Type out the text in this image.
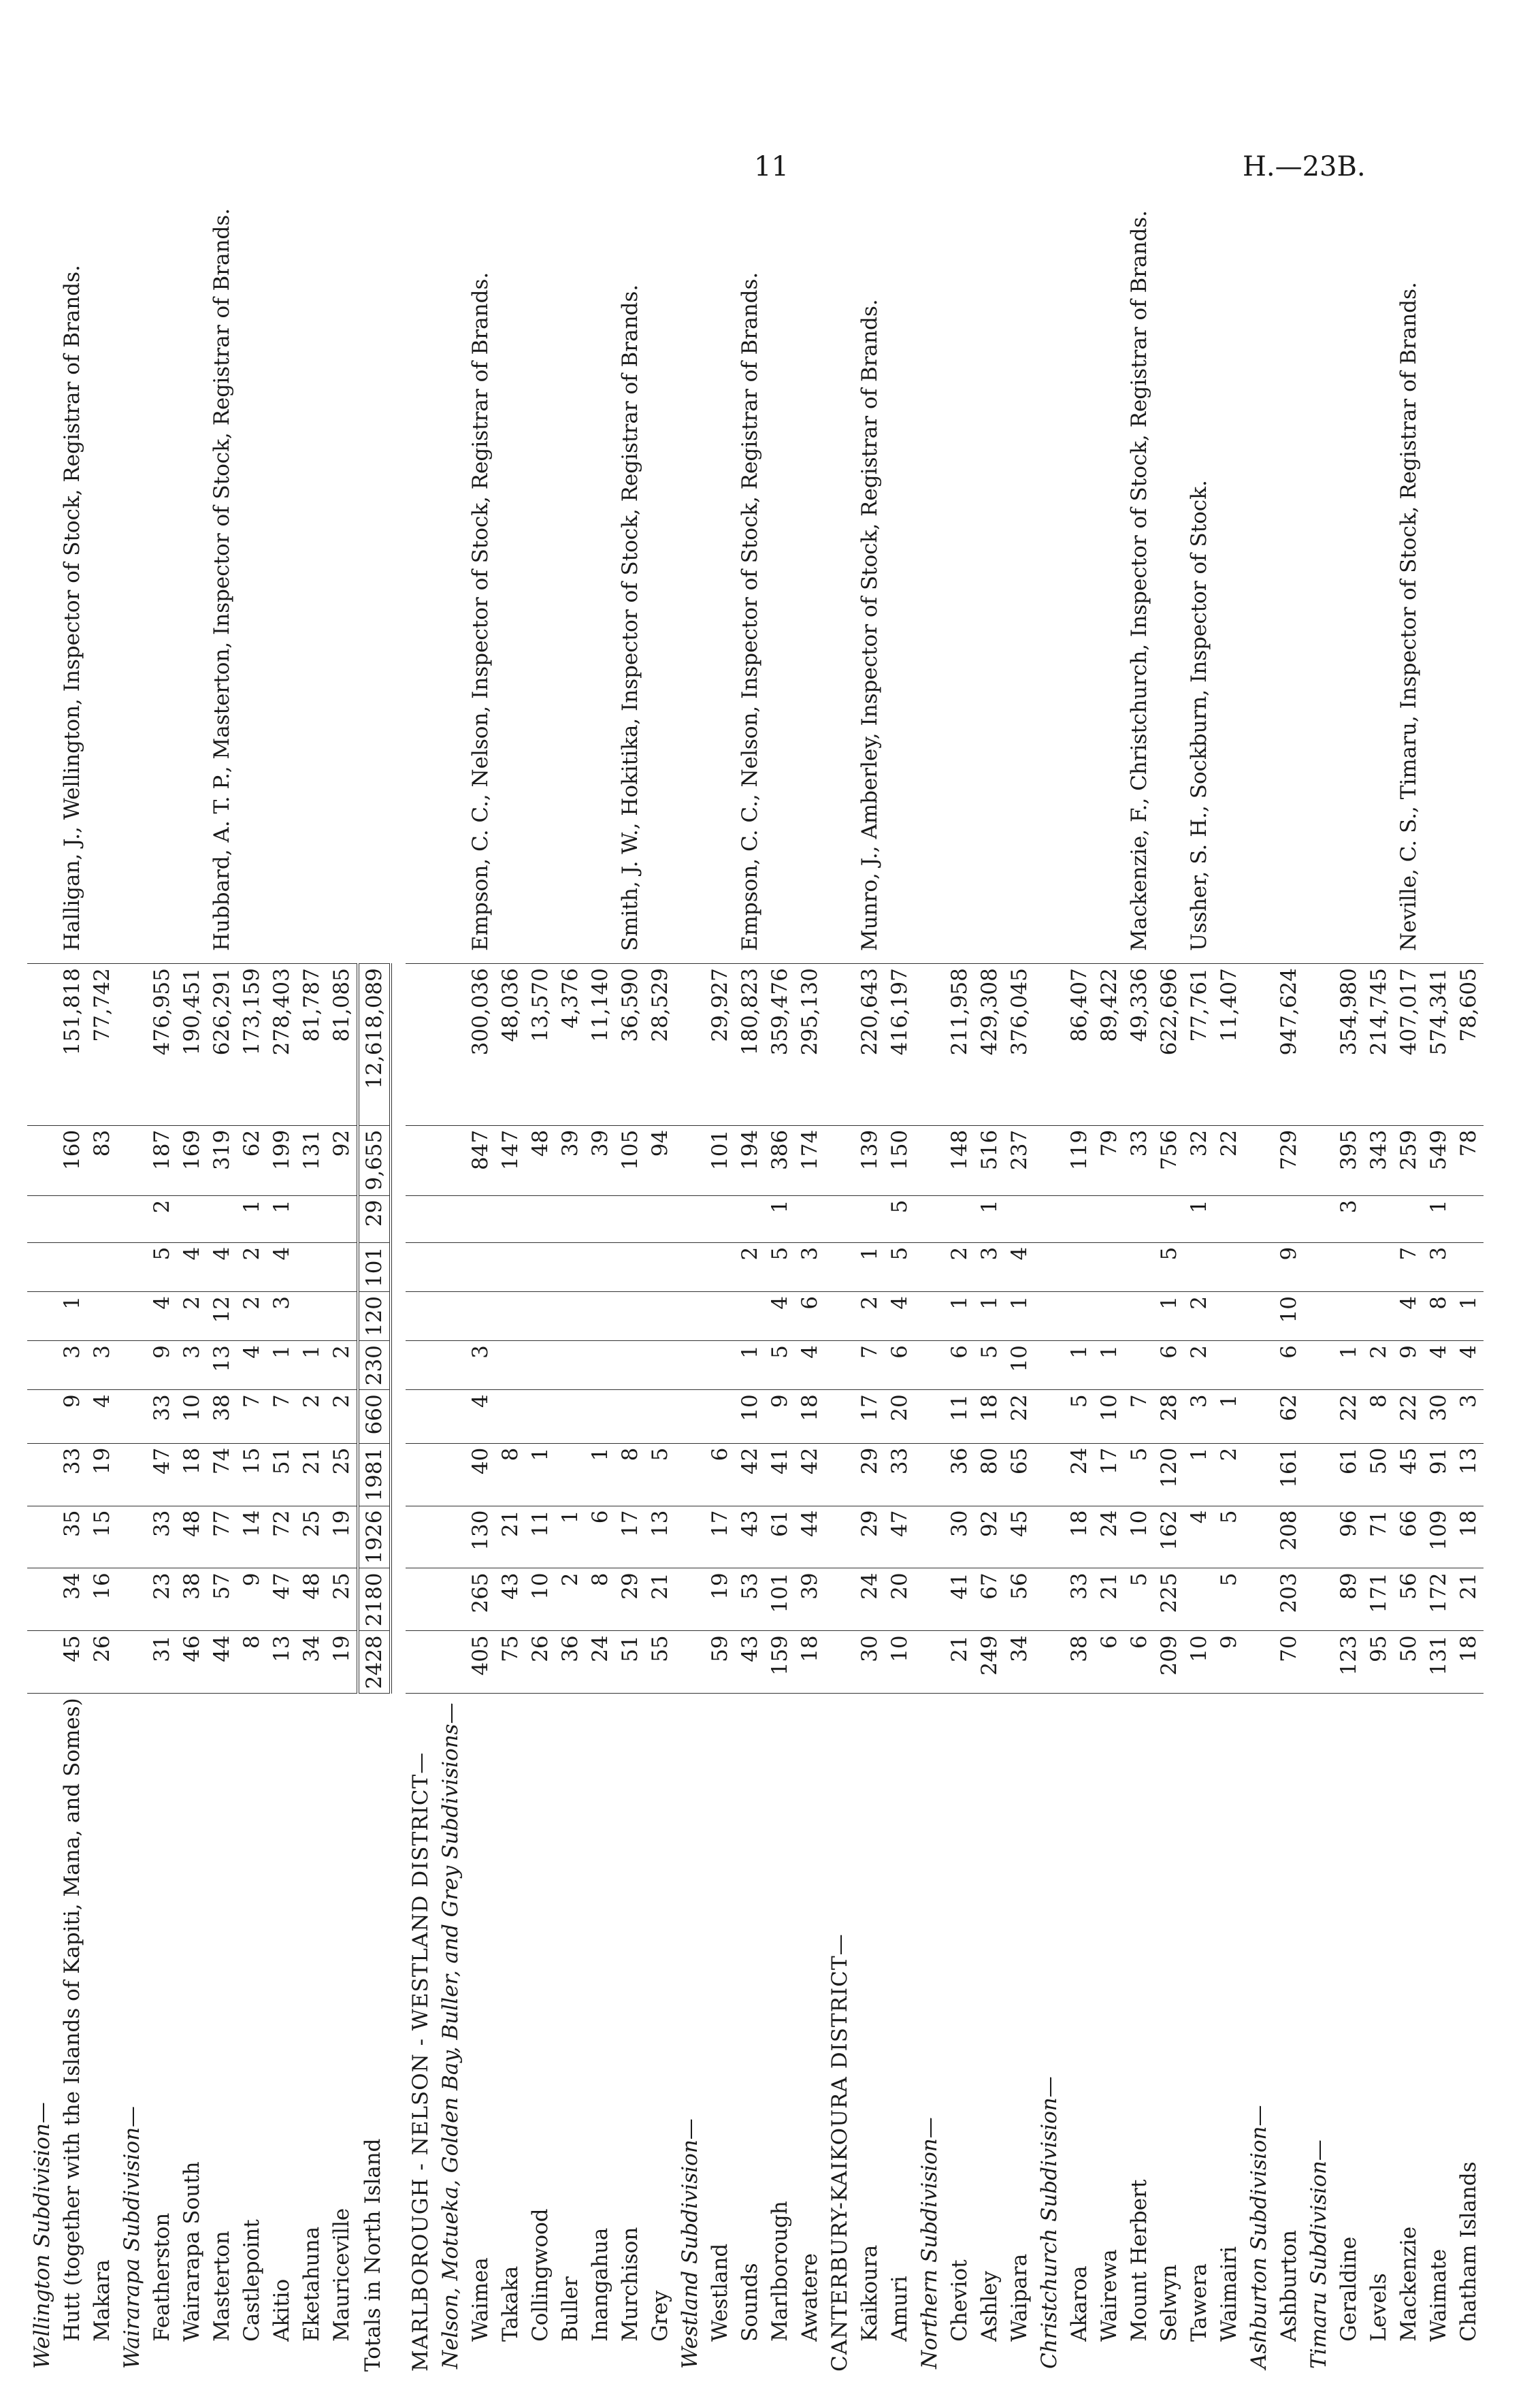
11	H.—23B.
Wellington Subdivision—												
Hutt (together with the Islands of Kapiti, Mana, and Somes)	45	34	35	33	9	3	1			160	151,818	Halligan, J., Wellington, Inspector of Stock, Registrar of Brands.
Makara	26	16	15	19	4	3				83	77,742	
Wairarapa Subdivision—												
Featherston	31	23	33	47	33	9	4	5	2	187	476,955	
Wairarapa South	46	38	48	18	10	3	2	4		169	190,451	
Masterton	44	57	77	74	38	13	12	4		319	626,291	Hubbard, A. T. P., Masterton, Inspector of Stock, Registrar of Brands.
Castlepoint	8	9	14	15	7	4	2	2	1	62	173,159	
Akitio	13	47	72	51	7	1	3	4	1	199	278,403	
Eketahuna	34	48	25	21	2	1				131	81,787	
Mauriceville	19	25	19	25	2	2				92	81,085	
Totals in North Island	2428	2180	1926	1981	660	230	120	101	29	9,655	12,618,089	

MARLBOROUGH - NELSON - WESTLAND DISTRICT—												
Nelson, Motueka, Golden Bay, Buller, and Grey Subdivisions—												
Waimea	405	265	130	40	4	3				847	300,036	Empson, C. C., Nelson, Inspector of Stock, Registrar of Brands.
Takaka	75	43	21	8						147	48,036	
Collingwood	26	10	11	1						48	13,570	
Buller	36	2	1							39	4,376	
Inangahua	24	8	6	1						39	11,140	
Murchison	51	29	17	8						105	36,590	Smith, J. W., Hokitika, Inspector of Stock, Registrar of Brands.
Grey	55	21	13	5						94	28,529	
Westland Subdivision—												
Westland	59	19	17	6						101	29,927	
Sounds	43	53	43	42	10	1		2		194	180,823	Empson, C. C., Nelson, Inspector of Stock, Registrar of Brands.
Marlborough	159	101	61	41	9	5	4	5	1	386	359,476	
Awatere	18	39	44	42	18	4	6	3		174	295,130	
CANTERBURY-KAIKOURA DISTRICT—												
Kaikoura	30	24	29	29	17	7	2	1		139	220,643	Munro, J., Amberley, Inspector of Stock, Registrar of Brands.
Amuri	10	20	47	33	20	6	4	5	5	150	416,197	
Northern Subdivision—												
Cheviot	21	41	30	36	11	6	1	2		148	211,958	
Ashley	249	67	92	80	18	5	1	3	1	516	429,308	
Waipara	34	56	45	65	22	10	1	4		237	376,045	
Christchurch Subdivision—												
Akaroa	38	33	18	24	5	1				119	86,407	
Wairewa	6	21	24	17	10	1				79	89,422	
Mount Herbert	6	5	10	5	7					33	49,336	Mackenzie, F., Christchurch, Inspector of Stock, Registrar of Brands.
Selwyn	209	225	162	120	28	6	1	5		756	622,696	
Tawera	10		4	1	3	2	2		1	32	77,761	Ussher, S. H., Sockburn, Inspector of Stock.
Waimairi	9	5	5	2	1					22	11,407	
Ashburton Subdivision—												
Ashburton	70	203	208	161	62	6	10	9		729	947,624	
Timaru Subdivision—												
Geraldine	123	89	96	61	22	1			3	395	354,980	
Levels	95	171	71	50	8	2				343	214,745	
Mackenzie	50	56	66	45	22	9	4	7		259	407,017	Neville, C. S., Timaru, Inspector of Stock, Registrar of Brands.
Waimate	131	172	109	91	30	4	8	3	1	549	574,341	
Chatham Islands	18	21	18	13	3	4	1			78	78,605	
